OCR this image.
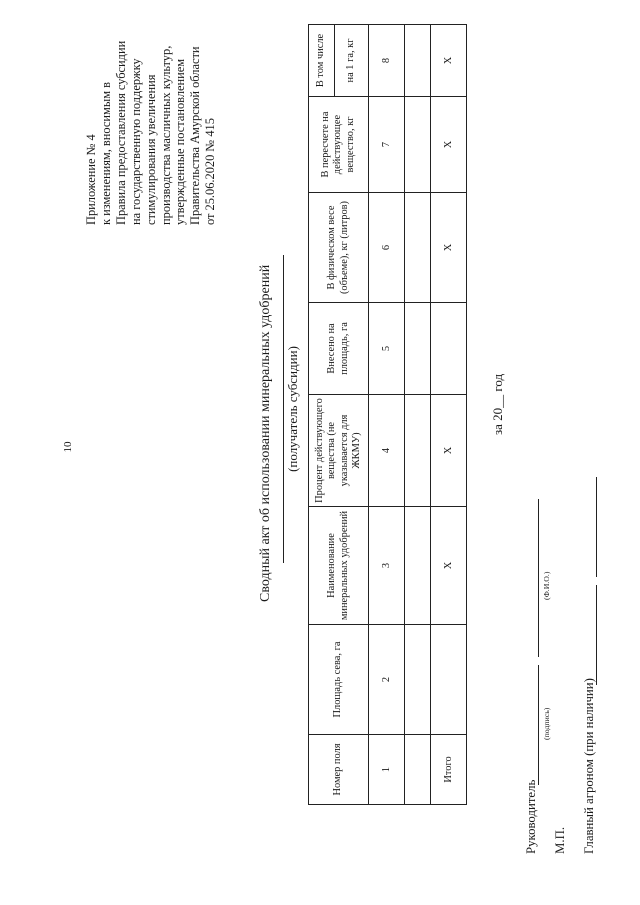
10
Приложение № 4 к изменениям, вносимым в Правила предоставления субсидии на государственную поддержку стимулирования увеличения производства масличных культур, утвержденные постановлением Правительства Амурской области от 25.06.2020 № 415
Сводный акт об использовании минеральных удобрений (получатель субсидии)
Номер поля	Площадь сева, га	Наименование минеральных удобрений	Процент действующего вещества (не указывается для ЖКМУ)	Внесено на площадь, га	В физическом весе (объеме), кг (литров)	В пересчете на действующее вещество, кг	В том числе
							на 1 га, кг
1	2	3	4	5	6	7	8

Итого		Х	Х		Х	Х	Х
за 20__ год
Руководитель
(подпись)
(Ф.И.О.)
М.П. Главный агроном (при наличии)
